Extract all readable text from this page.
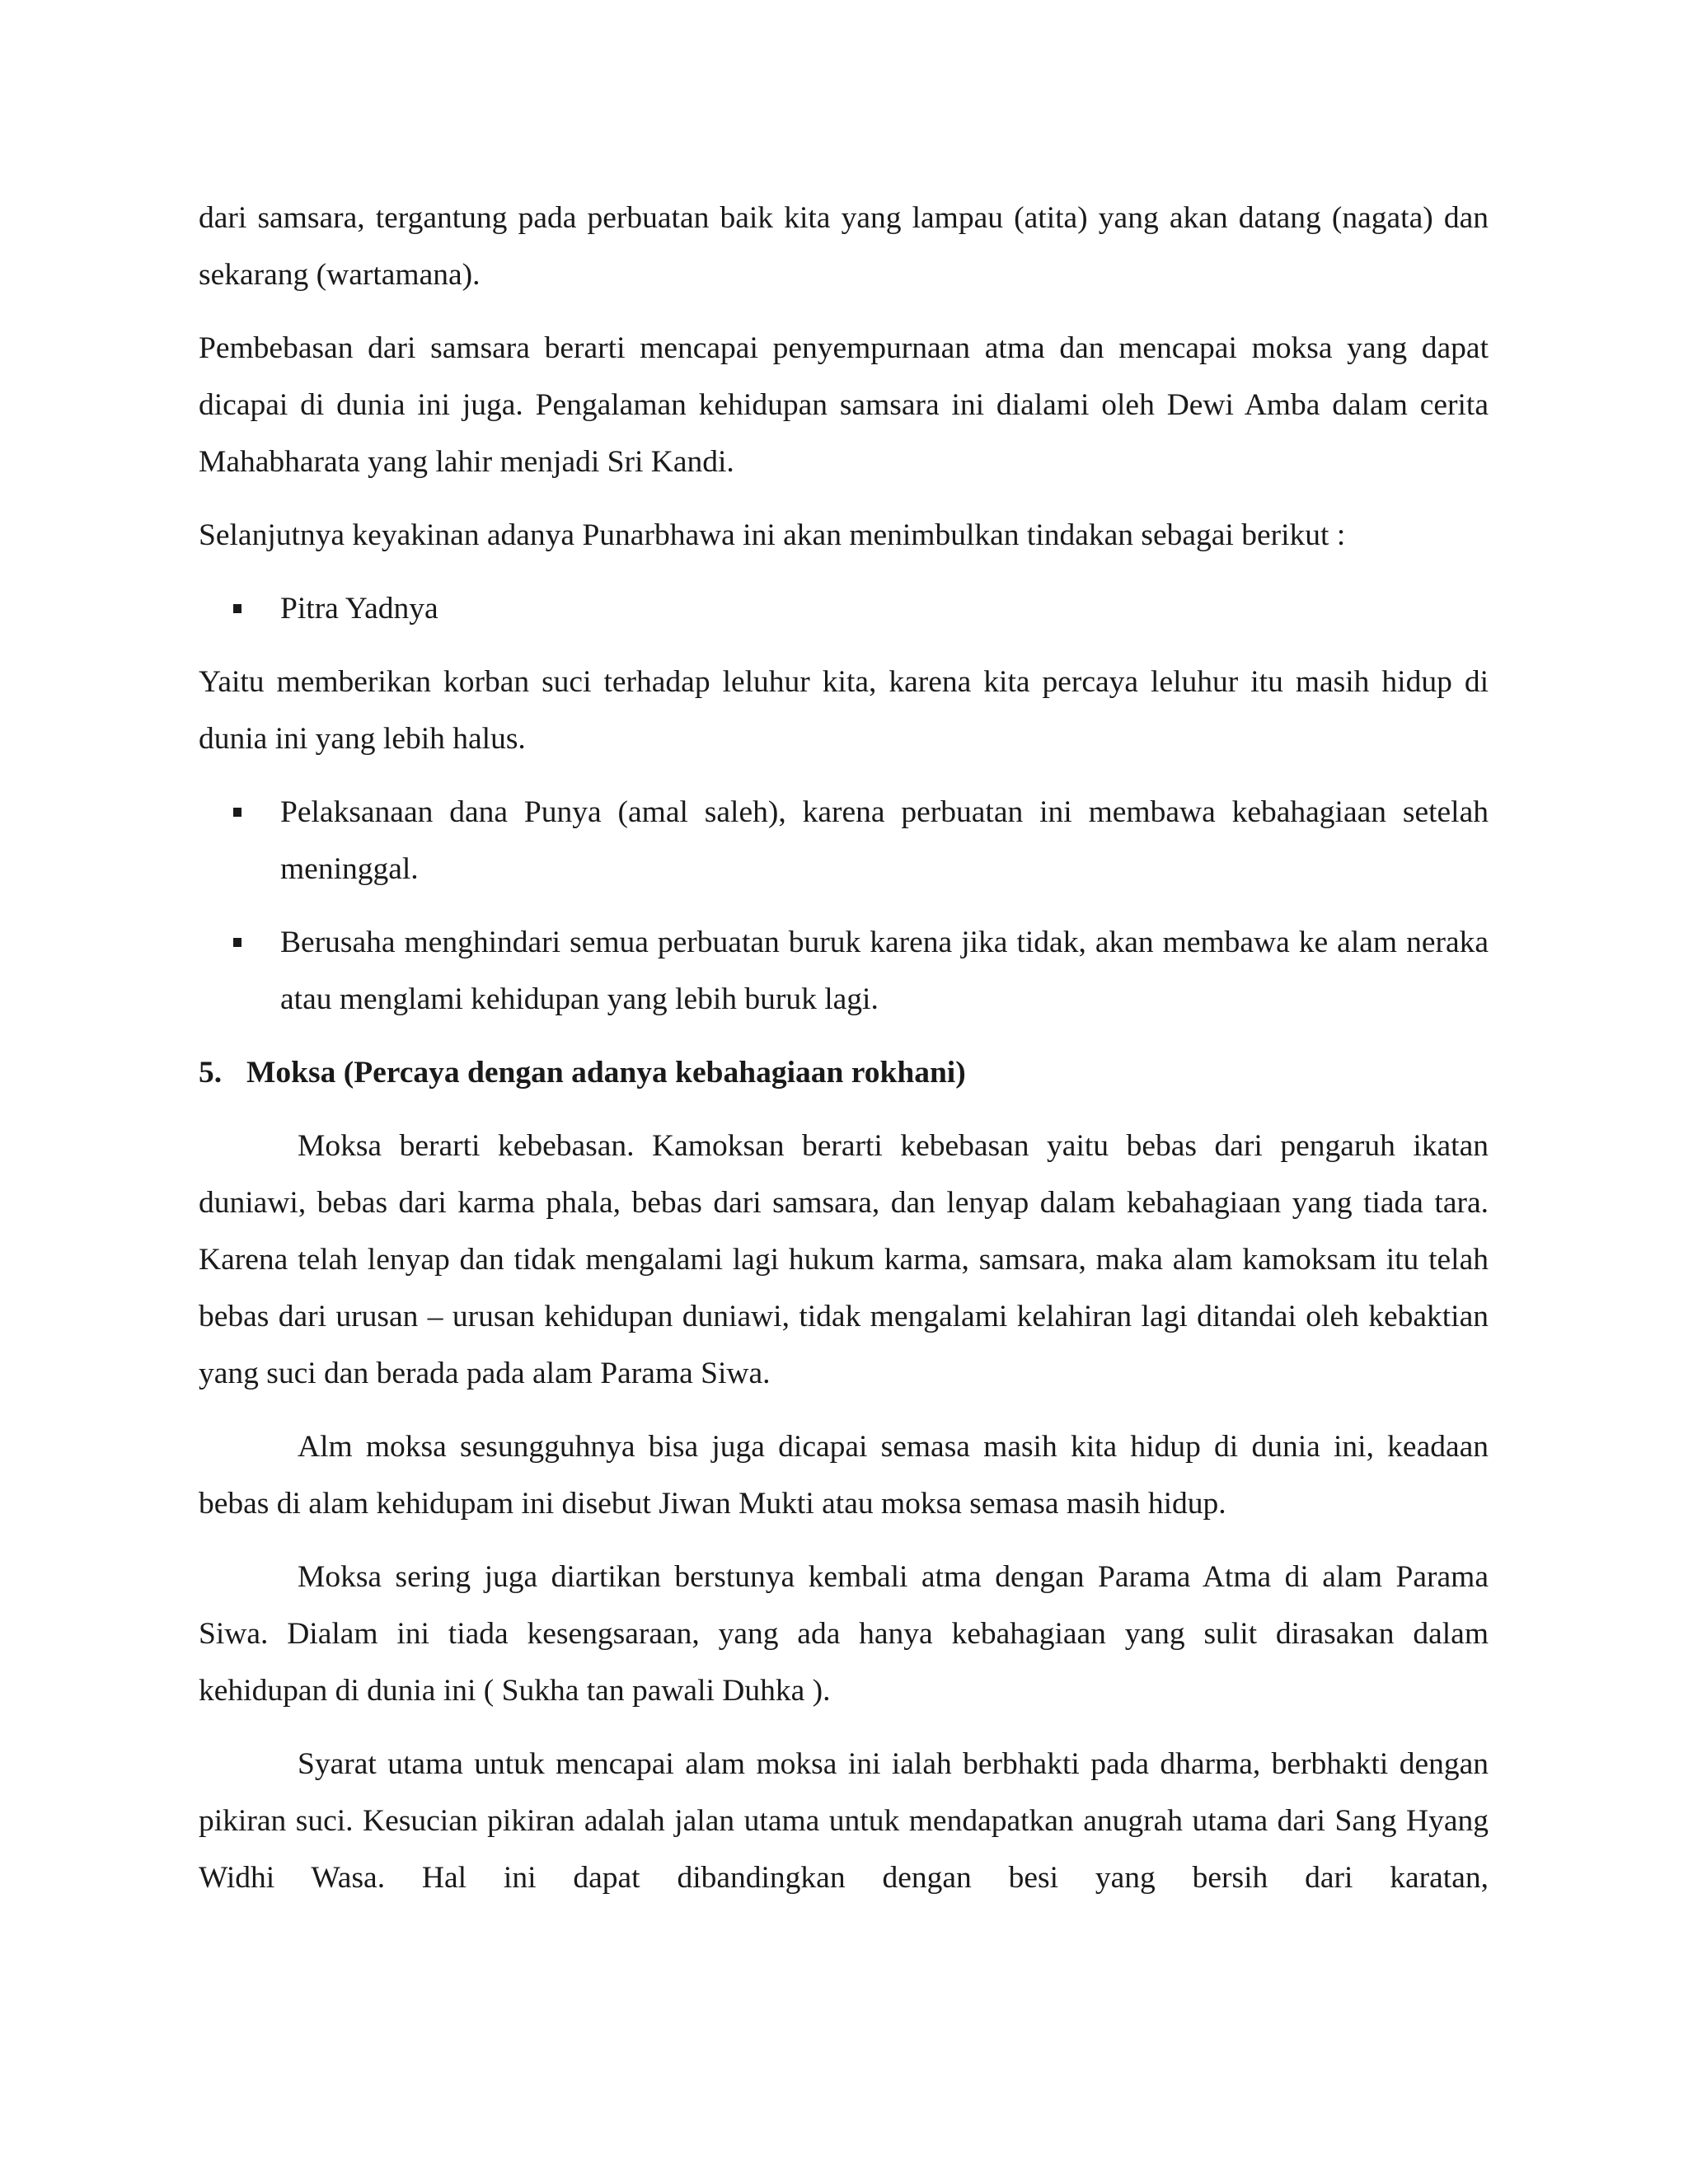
dari samsara, tergantung pada perbuatan baik kita yang lampau (atita) yang akan datang (nagata) dan sekarang (wartamana).

Pembebasan dari samsara berarti mencapai penyempurnaan atma dan mencapai moksa yang dapat dicapai di dunia ini juga. Pengalaman kehidupan samsara ini dialami oleh Dewi Amba dalam cerita Mahabharata yang lahir menjadi Sri Kandi.

Selanjutnya keyakinan adanya Punarbhawa ini akan menimbulkan tindakan sebagai berikut :

Pitra Yadnya

Yaitu memberikan korban suci terhadap leluhur kita, karena kita percaya leluhur itu masih hidup di dunia ini yang lebih halus.

Pelaksanaan dana Punya (amal saleh), karena perbuatan ini membawa kebahagiaan setelah meninggal.
Berusaha menghindari semua perbuatan buruk karena jika tidak, akan membawa ke alam neraka atau menglami kehidupan yang lebih buruk lagi.
5. Moksa (Percaya dengan adanya kebahagiaan rokhani)

Moksa berarti kebebasan. Kamoksan berarti kebebasan yaitu bebas dari pengaruh ikatan duniawi, bebas dari karma phala, bebas dari samsara, dan lenyap dalam kebahagiaan yang tiada tara. Karena telah lenyap dan tidak mengalami lagi hukum karma, samsara, maka alam kamoksam itu telah bebas dari urusan – urusan kehidupan duniawi, tidak mengalami kelahiran lagi ditandai oleh kebaktian yang suci dan berada pada alam Parama Siwa.

Alm moksa sesungguhnya bisa juga dicapai semasa masih kita hidup di dunia ini, keadaan bebas di alam kehidupam ini disebut Jiwan Mukti atau moksa semasa masih hidup.

Moksa sering juga diartikan berstunya kembali atma dengan Parama Atma di alam Parama Siwa. Dialam ini tiada kesengsaraan, yang ada hanya kebahagiaan yang sulit dirasakan dalam kehidupan di dunia ini ( Sukha tan pawali Duhka ).

Syarat utama untuk mencapai alam moksa ini ialah berbhakti pada dharma, berbhakti dengan pikiran suci. Kesucian pikiran adalah jalan utama untuk mendapatkan anugrah utama dari Sang Hyang Widhi Wasa. Hal ini dapat dibandingkan dengan besi yang bersih dari karatan,
